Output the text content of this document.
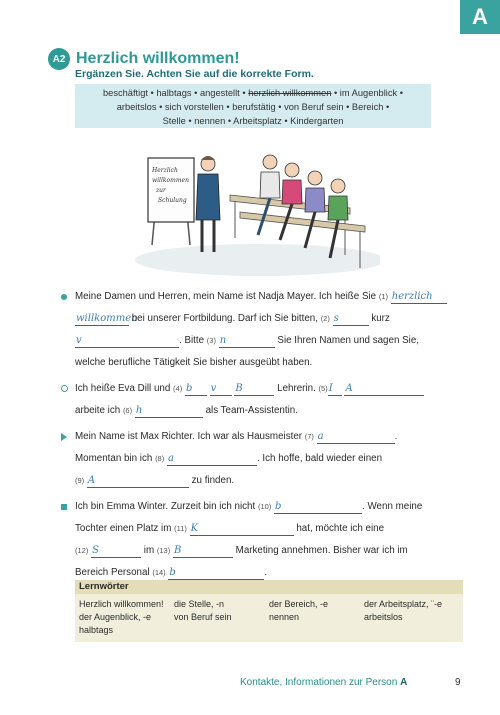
A
A2 Herzlich willkommen!
Ergänzen Sie. Achten Sie auf die korrekte Form.
beschäftigt • halbtags • angestellt • herzlich willkommen • im Augenblick •
arbeitslos • sich vorstellen • berufstätig • von Beruf sein • Bereich •
Stelle • nennen • Arbeitsplatz • Kindergarten
Herzlich
willkommen
zur
Schulung
Meine Damen und Herren, mein Name ist Nadja Mayer. Ich heiße Sie (1) herzlich
willkommen bei unserer Fortbildung. Darf ich Sie bitten, (2) s	kurz
v	. Bitte (3) n	Sie Ihren Namen und sagen Sie,
welche berufliche Tätigkeit Sie bisher ausgeübt haben.
Ich heiße Eva Dill und (4) b v B	Lehrerin. (5)I A
arbeite ich (6) h	als Team-Assistentin.
Mein Name ist Max Richter. Ich war als Hausmeister (7) a	.
Momentan bin ich (8) a	. Ich hoffe, bald wieder einen
(9) A	zu finden.
Ich bin Emma Winter. Zurzeit bin ich nicht (10) b	. Wenn meine
Tochter einen Platz im (11) K	hat, möchte ich eine
(12) S	im (13) B	Marketing annehmen. Bisher war ich im
Bereich Personal (14) b	.
Lernwörter
Herzlich willkommen!
der Augenblick, -e
halbtags
die Stelle, -n
von Beruf sein
der Bereich, -e
nennen
der Arbeitsplatz, ¨-e
arbeitslos
Kontakte, Informationen zur Person A	9
